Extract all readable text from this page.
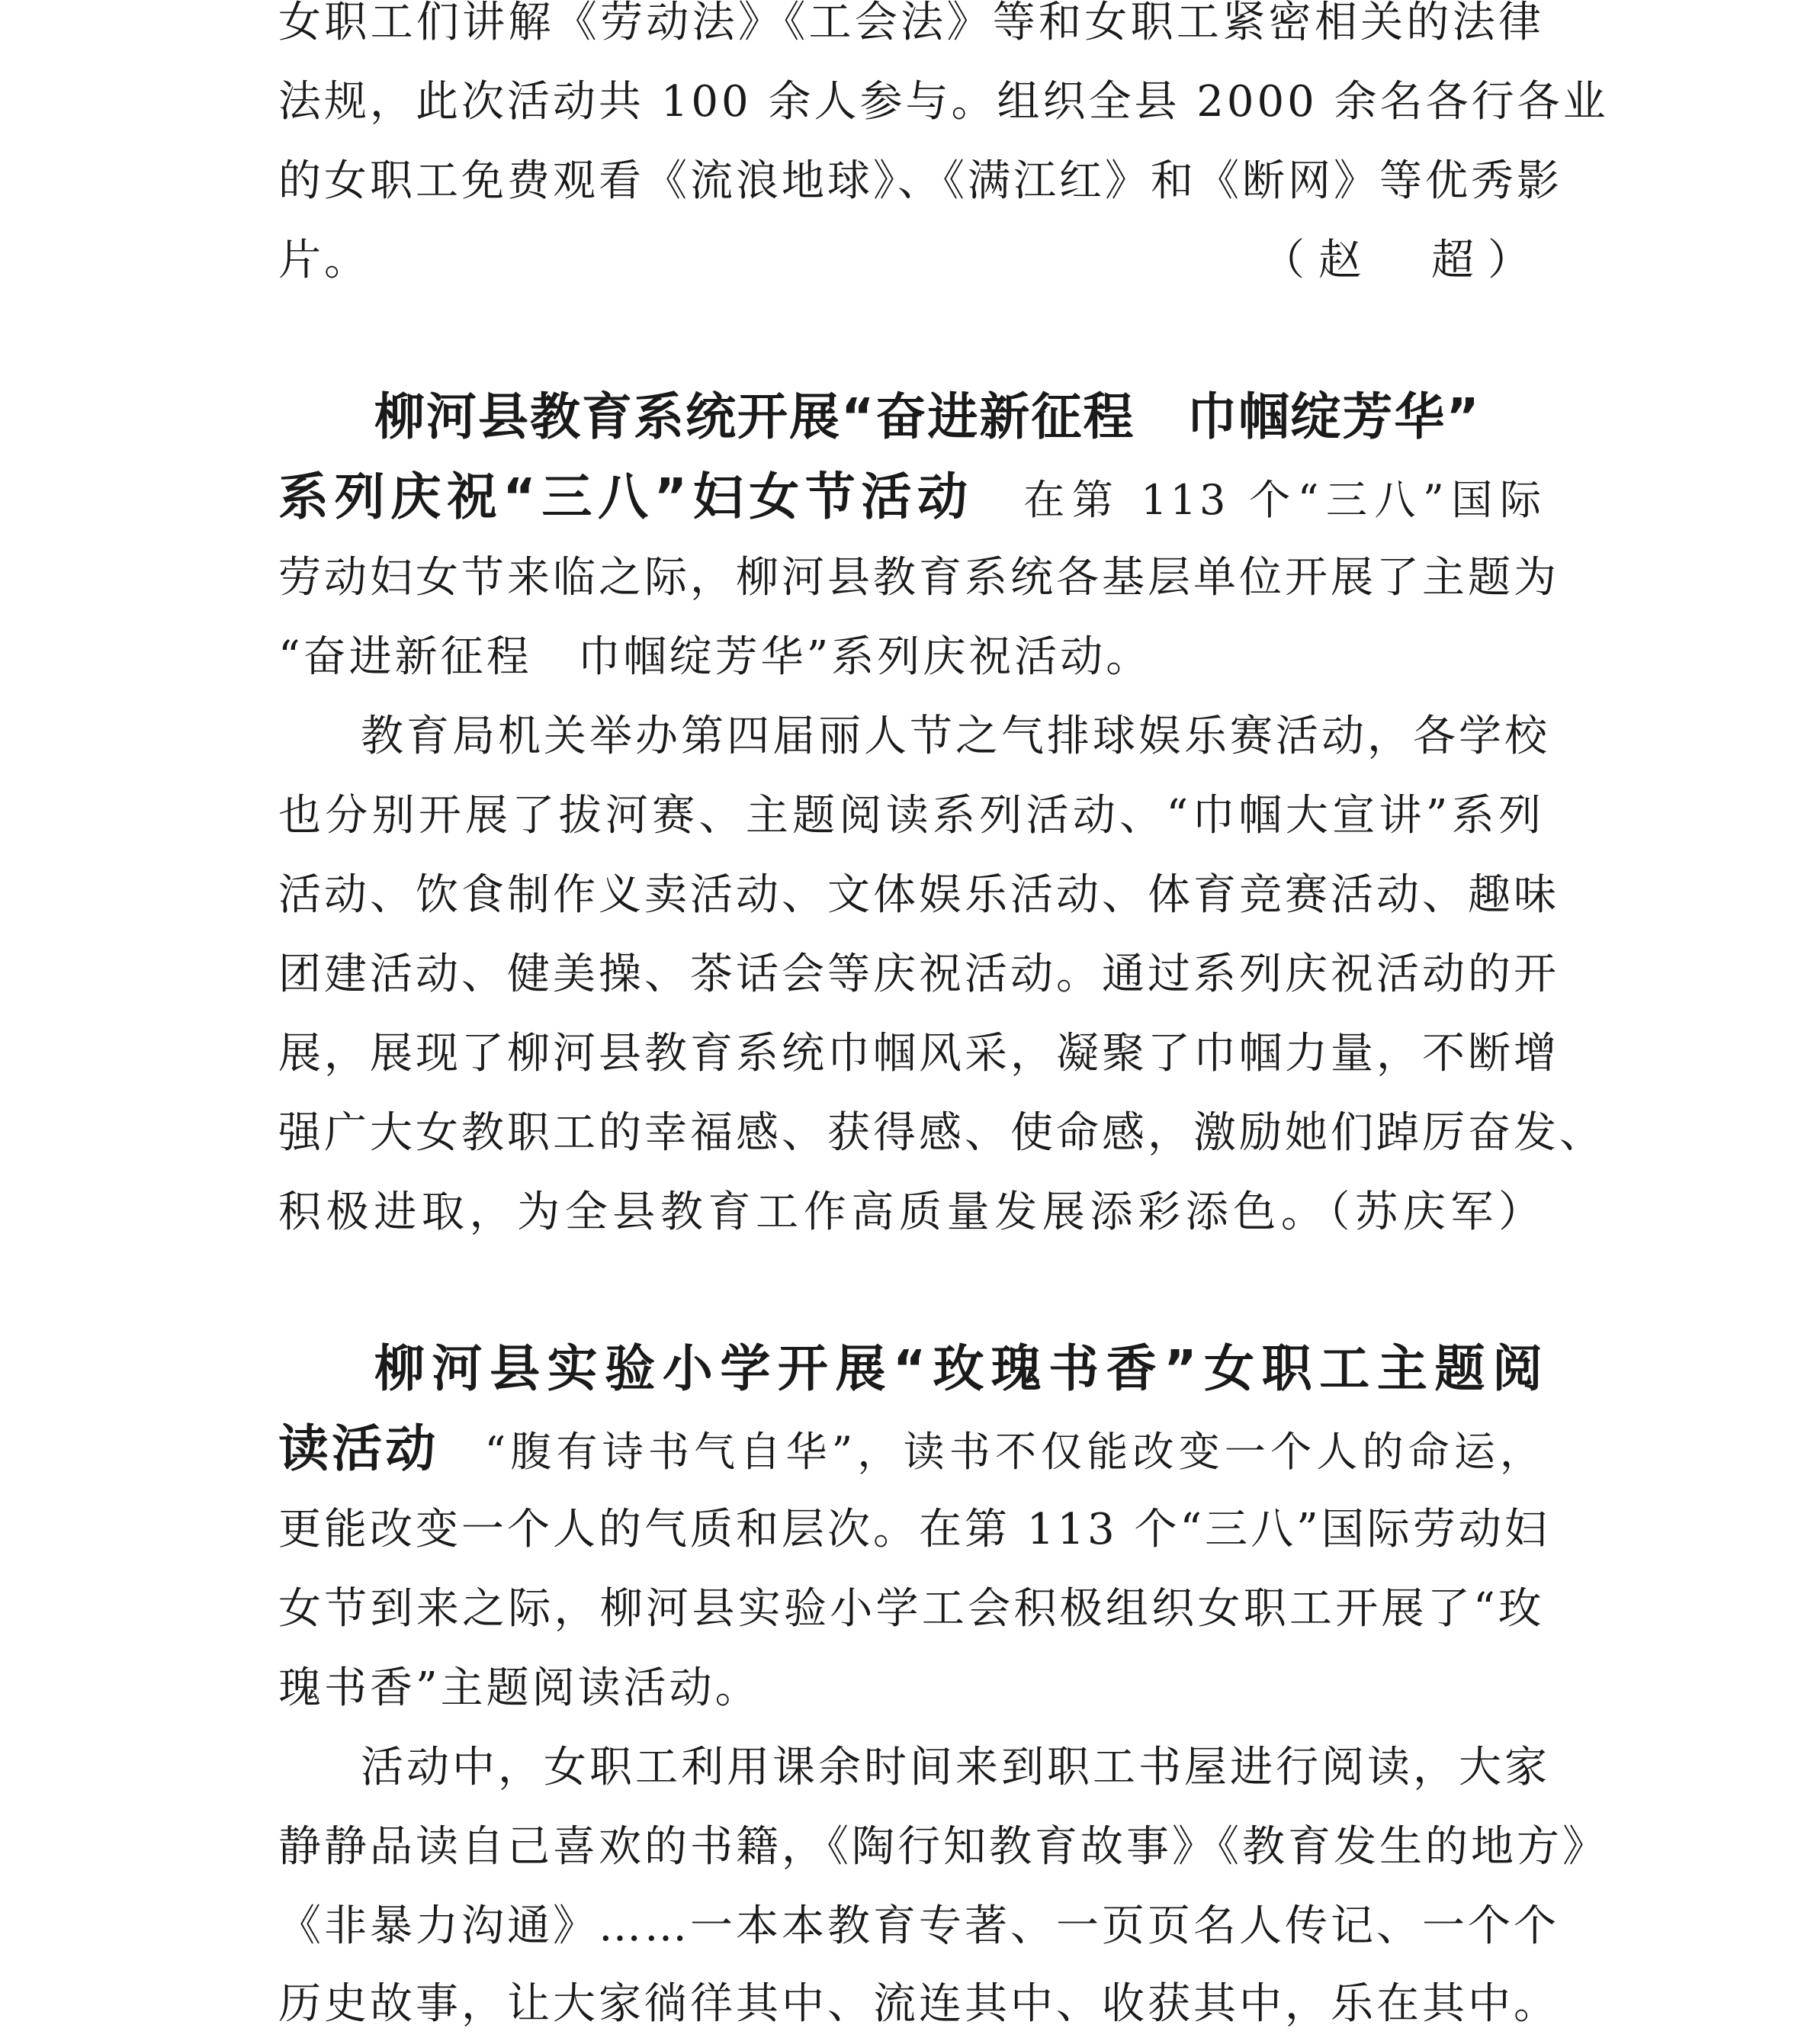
女职工们讲解《劳动法》《工会法》等和女职工紧密相关的法律
法规，此次活动共 100 余人参与。组织全县 2000 余名各行各业
的女职工免费观看《流浪地球》、《满江红》和《断网》等优秀影
片。	（赵　超）
柳河县教育系统开展“奋进新征程　巾帼绽芳华”
系列庆祝“三八”妇女节活动 在第 113 个“三八”国际
劳动妇女节来临之际，柳河县教育系统各基层单位开展了主题为
“奋进新征程　巾帼绽芳华”系列庆祝活动。
教育局机关举办第四届丽人节之气排球娱乐赛活动，各学校
也分别开展了拔河赛、主题阅读系列活动、“巾帼大宣讲”系列
活动、饮食制作义卖活动、文体娱乐活动、体育竞赛活动、趣味
团建活动、健美操、茶话会等庆祝活动。通过系列庆祝活动的开
展，展现了柳河县教育系统巾帼风采，凝聚了巾帼力量，不断增
强广大女教职工的幸福感、获得感、使命感，激励她们踔厉奋发、
积极进取，为全县教育工作高质量发展添彩添色。（苏庆军）
柳河县实验小学开展“玫瑰书香”女职工主题阅
读活动 “腹有诗书气自华”，读书不仅能改变一个人的命运，
更能改变一个人的气质和层次。在第 113 个“三八”国际劳动妇
女节到来之际，柳河县实验小学工会积极组织女职工开展了“玫
瑰书香”主题阅读活动。
活动中，女职工利用课余时间来到职工书屋进行阅读，大家
静静品读自己喜欢的书籍，《陶行知教育故事》《教育发生的地方》
《非暴力沟通》……一本本教育专著、一页页名人传记、一个个
历史故事，让大家徜徉其中、流连其中、收获其中，乐在其中。
